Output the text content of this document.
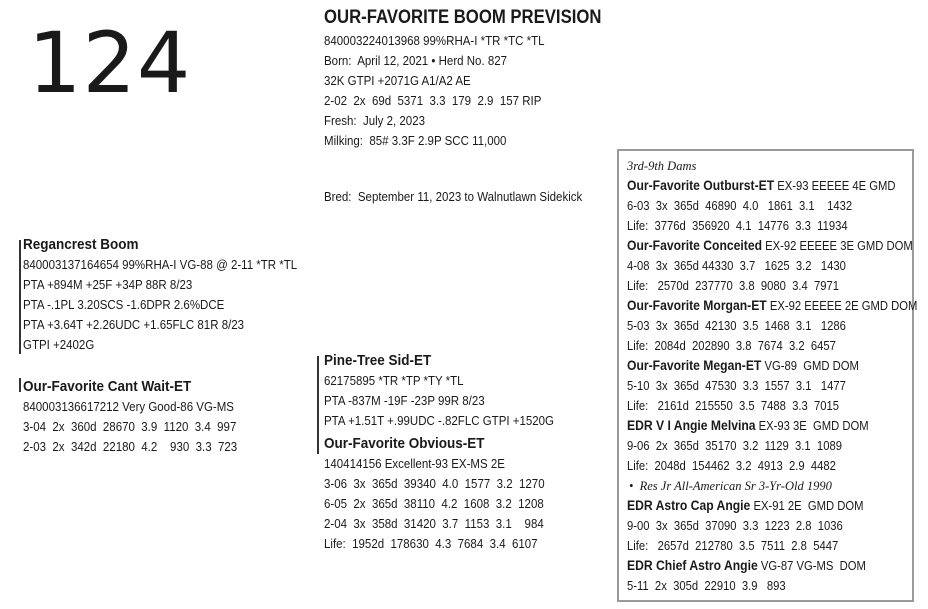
124	OUR-FAVORITE BOOM PREVISION
840003224013968 99%RHA-I *TR *TC *TL
Born:  April 12, 2021 • Herd No. 827
32K GTPI +2071G A1/A2 AE
2-02  2x  69d  5371  3.3  179  2.9  157 RIP
Fresh:  July 2, 2023
Milking:  85# 3.3F 2.9P SCC 11,000
Bred:  September 11, 2023 to Walnutlawn Sidekick
Regancrest Boom
840003137164654 99%RHA-I VG-88 @ 2-11 *TR *TL
PTA +894M +25F +34P 88R 8/23
PTA -.1PL 3.20SCS -1.6DPR 2.6%DCE
PTA +3.64T +2.26UDC +1.65FLC 81R 8/23
GTPI +2402G
Our-Favorite Cant Wait-ET
840003136617212 Very Good-86 VG-MS
3-04  2x  360d  28670  3.9  1120  3.4  997
2-03  2x  342d  22180  4.2    930  3.3  723
Pine-Tree Sid-ET
62175895 *TR *TP *TY *TL
PTA -837M -19F -23P 99R 8/23
PTA +1.51T +.99UDC -.82FLC GTPI +1520G
Our-Favorite Obvious-ET
140414156 Excellent-93 EX-MS 2E
3-06  3x  365d  39340  4.0  1577  3.2  1270
6-05  2x  365d  38110  4.2  1608  3.2  1208
2-04  3x  358d  31420  3.7  1153  3.1    984
Life:  1952d  178630  4.3  7684  3.4  6107
3rd-9th Dams
Our-Favorite Outburst-ET EX-93 EEEEE 4E GMD
6-03  3x  365d  46890  4.0   1861  3.1    1432
Life:  3776d  356920  4.1  14776  3.3  11934
Our-Favorite Conceited EX-92 EEEEE 3E GMD DOM
4-08  3x  365d 44330  3.7   1625  3.2   1430
Life:   2570d  237770  3.8  9080  3.4  7971
Our-Favorite Morgan-ET EX-92 EEEEE 2E GMD DOM
5-03  3x  365d  42130  3.5  1468  3.1   1286
Life:  2084d  202890  3.8  7674  3.2  6457
Our-Favorite Megan-ET VG-89  GMD DOM
5-10  3x  365d  47530  3.3  1557  3.1   1477
Life:   2161d  215550  3.5  7488  3.3  7015
EDR V I Angie Melvina EX-93 3E  GMD DOM
9-06  2x  365d  35170  3.2  1129  3.1  1089
Life:  2048d  154462  3.2  4913  2.9  4482
•  Res Jr All-American Sr 3-Yr-Old 1990
EDR Astro Cap Angie EX-91 2E  GMD DOM
9-00  3x  365d  37090  3.3  1223  2.8  1036
Life:   2657d  212780  3.5  7511  2.8  5447
EDR Chief Astro Angie VG-87 VG-MS  DOM
5-11  2x  305d  22910  3.9   893
